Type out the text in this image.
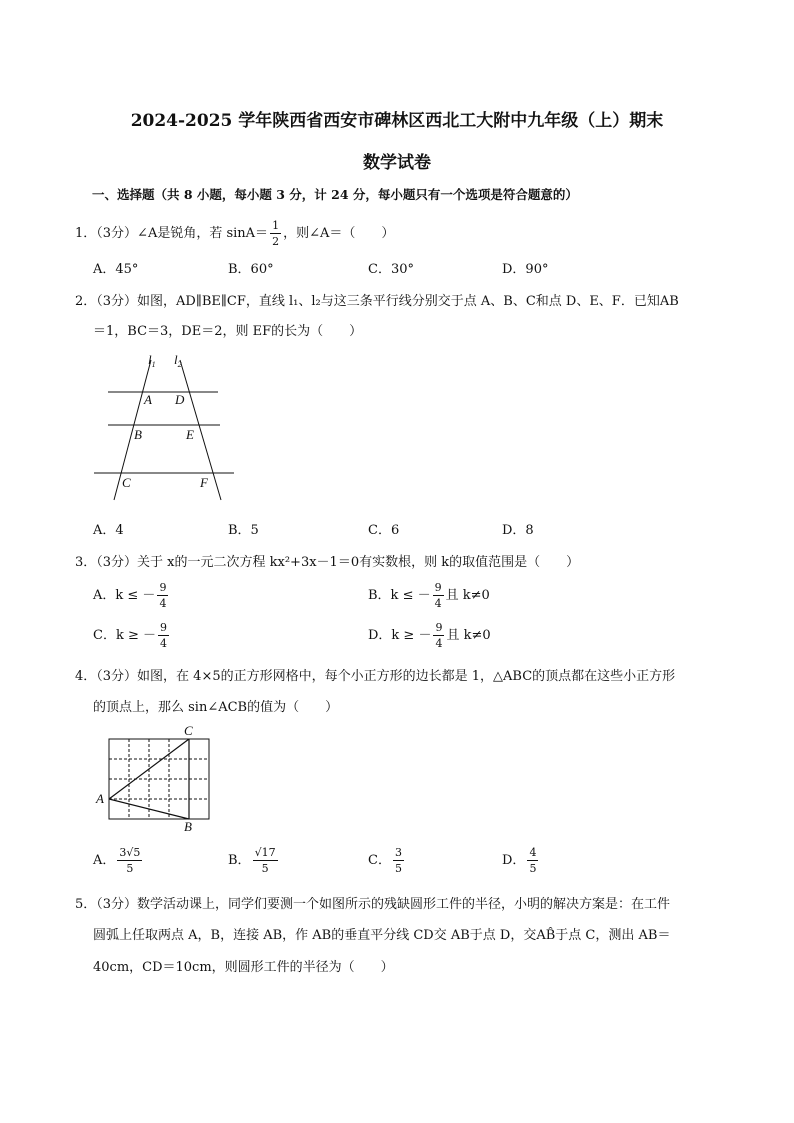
2024-2025 学年陕西省西安市碑林区西北工大附中九年级（上）期末
数学试卷
一、选择题（共 8 小题，每小题 3 分，计 24 分，每小题只有一个选项是符合题意的）
1．（3分）∠A是锐角，若 $\sin A= \frac{1}{2}$ ，则∠A＝（　　）
A．45°	B．60°	C．30°	D．90°
2．（3分）如图，AD∥BE∥CF，直线 l₁、l₂与这三条平行线分别交于点 A、B、C和点 D、E、F．已知AB
＝1，BC＝3，DE＝2，则 EF的长为（　　）
$l_1$ $l_2$
A D
B	E
C	F
A．4	B．5	C．6	D．8
3．（3分）关于 x的一元二次方程 kx²+3x－1＝0有实数根，则 k的取值范围是（　　）
A．k ≤ － $\frac{9}{4}$	B．k ≤ － $\frac{9}{4}$ 且 k≠0
C．k ≥ － $\frac{9}{4}$	D．k ≥ － $\frac{9}{4}$ 且 k≠0
4．（3分）如图，在 4×5的正方形网格中，每个小正方形的边长都是 1，△ABC的顶点都在这些小正方形
的顶点上，那么 sin∠ACB的值为（　　）
C
A
B
A． $\frac{3√5}{5}$	B． $\frac{√17}{5}$	C． $\frac{3}{5}$	D． $\frac{4}{5}$
5．（3分）数学活动课上，同学们要测一个如图所示的残缺圆形工件的半径，小明的解决方案是：在工件
圆弧上任取两点 A，B，连接 AB，作 AB的垂直平分线 CD交 AB于点 D，交AB̂于点 C，测出 AB＝
40cm，CD＝10cm，则圆形工件的半径为（　　）
